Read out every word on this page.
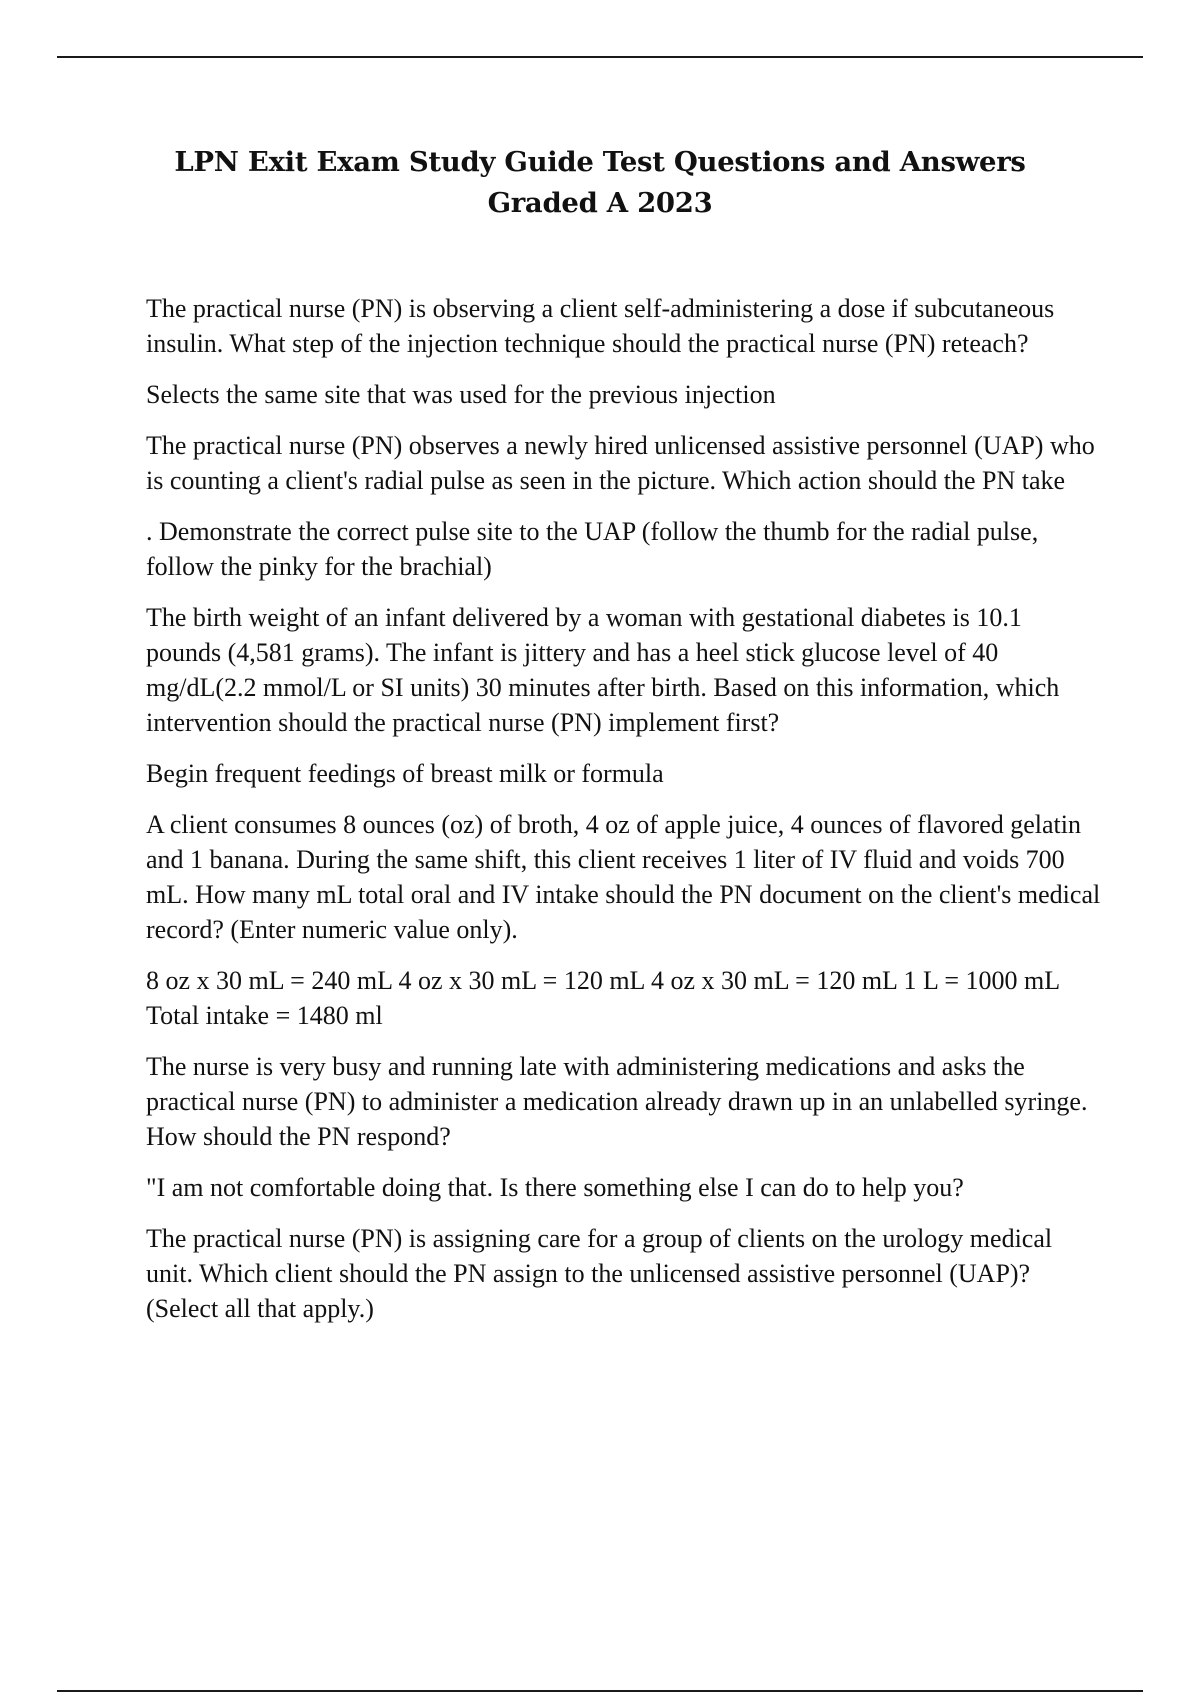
LPN Exit Exam Study Guide Test Questions and Answers Graded A 2023

The practical nurse (PN) is observing a client self-administering a dose if subcutaneous insulin. What step of the injection technique should the practical nurse (PN) reteach?

Selects the same site that was used for the previous injection

The practical nurse (PN) observes a newly hired unlicensed assistive personnel (UAP) who is counting a client's radial pulse as seen in the picture. Which action should the PN take

. Demonstrate the correct pulse site to the UAP (follow the thumb for the radial pulse, follow the pinky for the brachial)

The birth weight of an infant delivered by a woman with gestational diabetes is 10.1 pounds (4,581 grams). The infant is jittery and has a heel stick glucose level of 40 mg/dL(2.2 mmol/L or SI units) 30 minutes after birth. Based on this information, which intervention should the practical nurse (PN) implement first?

Begin frequent feedings of breast milk or formula

A client consumes 8 ounces (oz) of broth, 4 oz of apple juice, 4 ounces of flavored gelatin and 1 banana. During the same shift, this client receives 1 liter of IV fluid and voids 700 mL. How many mL total oral and IV intake should the PN document on the client's medical record? (Enter numeric value only).

8 oz x 30 mL = 240 mL 4 oz x 30 mL = 120 mL 4 oz x 30 mL = 120 mL 1 L = 1000 mL Total intake = 1480 ml

The nurse is very busy and running late with administering medications and asks the practical nurse (PN) to administer a medication already drawn up in an unlabelled syringe. How should the PN respond?

"I am not comfortable doing that. Is there something else I can do to help you?

The practical nurse (PN) is assigning care for a group of clients on the urology medical unit. Which client should the PN assign to the unlicensed assistive personnel (UAP)? (Select all that apply.)
